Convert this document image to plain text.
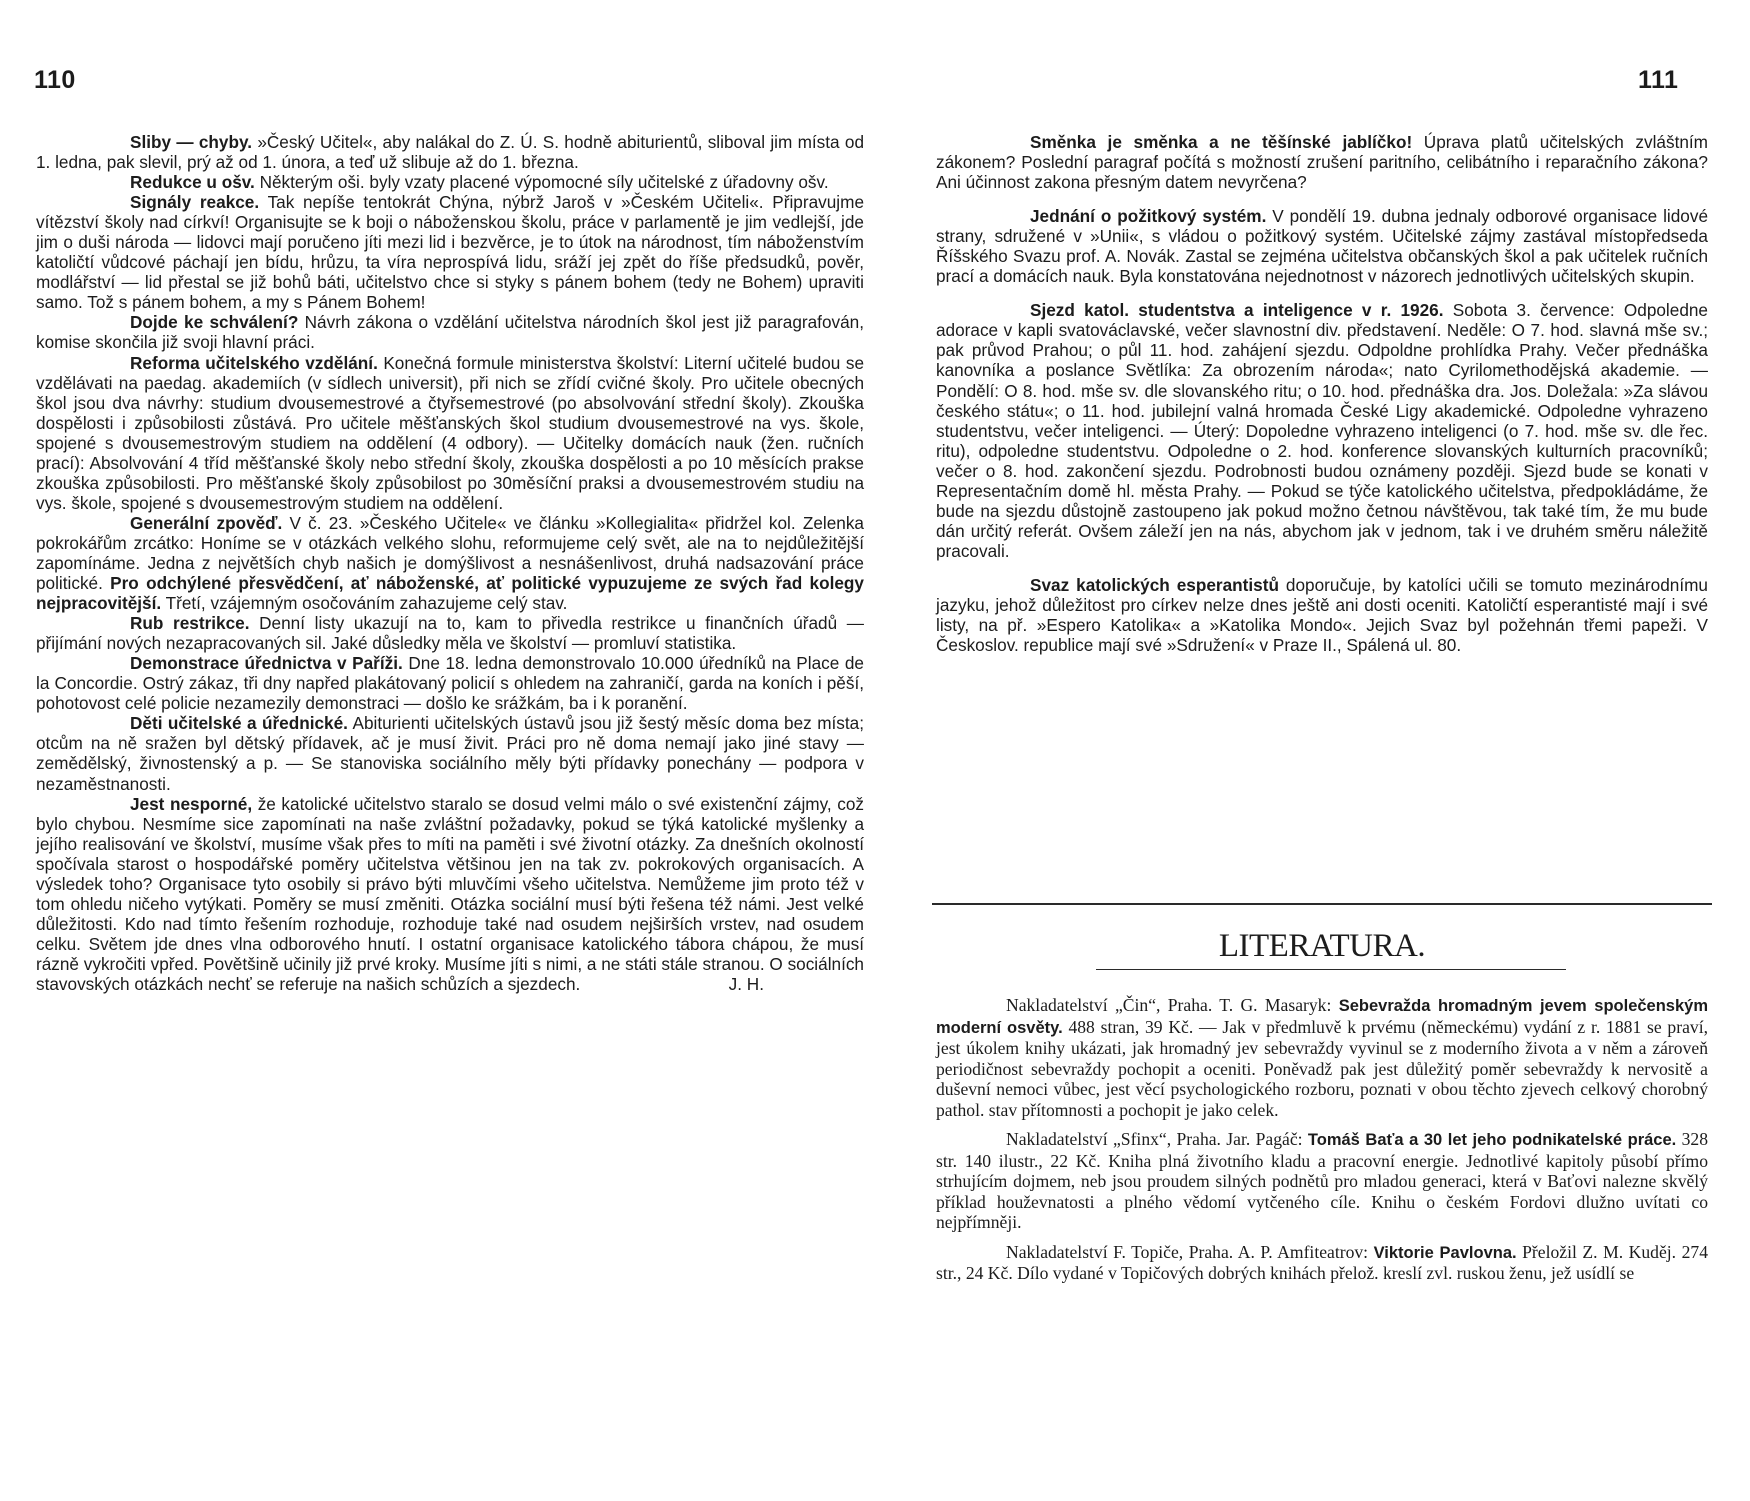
110	111

Sliby — chyby. »Český Učitel«, aby nalákal do Z. Ú. S. hodně abiturientů, sliboval jim místa od 1. ledna, pak slevil, prý až od 1. února, a teď už slibuje až do 1. března.

Redukce u ošv. Některým oši. byly vzaty placené výpomocné síly učitelské z úřadovny ošv.

Signály reakce. Tak nepíše tentokrát Chýna, nýbrž Jaroš v »Českém Učiteli«. Připravujme vítězství školy nad církví! Organisujte se k boji o náboženskou školu, práce v parlamentě je jim vedlejší, jde jim o duši národa — lidovci mají poručeno jíti mezi lid i bezvěrce, je to útok na národnost, tím náboženstvím katoličtí vůdcové páchají jen bídu, hrůzu, ta víra neprospívá lidu, sráží jej zpět do říše předsudků, pověr, modlářství — lid přestal se již bohů báti, učitelstvo chce si styky s pánem bohem (tedy ne Bohem) upraviti samo. Tož s pánem bohem, a my s Pánem Bohem!

Dojde ke schválení? Návrh zákona o vzdělání učitelstva národních škol jest již paragrafován, komise skončila již svoji hlavní práci.

Reforma učitelského vzdělání. Konečná formule ministerstva školství: Literní učitelé budou se vzdělávati na paedag. akademiích (v sídlech universit), při nich se zřídí cvičné školy. Pro učitele obecných škol jsou dva návrhy: studium dvousemestrové a čtyřsemestrové (po absolvování střední školy). Zkouška dospělosti i způsobilosti zůstává. Pro učitele měšťanských škol studium dvousemestrové na vys. škole, spojené s dvousemestrovým studiem na oddělení (4 odbory). — Učitelky domácích nauk (žen. ručních prací): Absolvování 4 tříd měšťanské školy nebo střední školy, zkouška dospělosti a po 10 měsících prakse zkouška způsobilosti. Pro měšťanské školy způsobilost po 30měsíční praksi a dvousemestrovém studiu na vys. škole, spojené s dvousemestrovým studiem na oddělení.

Generální zpověď. V č. 23. »Českého Učitele« ve článku »Kollegialita« přidržel kol. Zelenka pokrokářům zrcátko: Honíme se v otázkách velkého slohu, reformujeme celý svět, ale na to nejdůležitější zapomínáme. Jedna z největších chyb našich je domýšlivost a nesnášenlivost, druhá nadsazování práce politické. Pro odchýlené přesvědčení, ať náboženské, ať politické vypuzujeme ze svých řad kolegy nejpracovitější. Třetí, vzájemným osočováním zahazujeme celý stav.

Rub restrikce. Denní listy ukazují na to, kam to přivedla restrikce u finančních úřadů — přijímání nových nezapracovaných sil. Jaké důsledky měla ve školství — promluví statistika.

Demonstrace úřednictva v Paříži. Dne 18. ledna demonstrovalo 10.000 úředníků na Place de la Concordie. Ostrý zákaz, tři dny napřed plakátovaný policií s ohledem na zahraničí, garda na koních i pěší, pohotovost celé policie nezamezily demonstraci — došlo ke srážkám, ba i k poranění.

Děti učitelské a úřednické. Abiturienti učitelských ústavů jsou již šestý měsíc doma bez místa; otcům na ně sražen byl dětský přídavek, ač je musí živit. Práci pro ně doma nemají jako jiné stavy — zemědělský, živnostenský a p. — Se stanoviska sociálního měly býti přídavky ponechány — podpora v nezaměstnanosti.

Jest nesporné, že katolické učitelstvo staralo se dosud velmi málo o své existenční zájmy, což bylo chybou. Nesmíme sice zapomínati na naše zvláštní požadavky, pokud se týká katolické myšlenky a jejího realisování ve školství, musíme však přes to míti na paměti i své životní otázky. Za dnešních okolností spočívala starost o hospodářské poměry učitelstva většinou jen na tak zv. pokrokových organisacích. A výsledek toho? Organisace tyto osobily si právo býti mluvčími všeho učitelstva. Nemůžeme jim proto též v tom ohledu ničeho vytýkati. Poměry se musí změniti. Otázka sociální musí býti řešena též námi. Jest velké důležitosti. Kdo nad tímto řešením rozhoduje, rozhoduje také nad osudem nejširších vrstev, nad osudem celku. Světem jde dnes vlna odborového hnutí. I ostatní organisace katolického tábora chápou, že musí rázně vykročiti vpřed. Povětšině učinily již prvé kroky. Musíme jíti s nimi, a ne státi stále stranou. O sociálních stavovských otázkách nechť se referuje na našich schůzích a sjezdech.	J. H.

Směnka je směnka a ne těšínské jablíčko! Úprava platů učitelských zvláštním zákonem? Poslední paragraf počítá s možností zrušení paritního, celibátního i reparačního zákona? Ani účinnost zakona přesným datem nevyrčena?

Jednání o požitkový systém. V pondělí 19. dubna jednaly odborové organisace lidové strany, sdružené v »Unii«, s vládou o požitkový systém. Učitelské zájmy zastával místopředseda Říšského Svazu prof. A. Novák. Zastal se zejména učitelstva občanských škol a pak učitelek ručních prací a domácích nauk. Byla konstatována nejednotnost v názorech jednotlivých učitelských skupin.

Sjezd katol. studentstva a inteligence v r. 1926. Sobota 3. července: Odpoledne adorace v kapli svatováclavské, večer slavnostní div. představení. Neděle: O 7. hod. slavná mše sv.; pak průvod Prahou; o půl 11. hod. zahájení sjezdu. Odpoldne prohlídka Prahy. Večer přednáška kanovníka a poslance Světlíka: Za obrozením národa«; nato Cyrilomethodějská akademie. — Pondělí: O 8. hod. mše sv. dle slovanského ritu; o 10. hod. přednáška dra. Jos. Doležala: »Za slávou českého státu«; o 11. hod. jubilejní valná hromada České Ligy akademické. Odpoledne vyhrazeno studentstvu, večer inteligenci. — Úterý: Dopoledne vyhrazeno inteligenci (o 7. hod. mše sv. dle řec. ritu), odpoledne studentstvu. Odpoledne o 2. hod. konference slovanských kulturních pracovníků; večer o 8. hod. zakončení sjezdu. Podrobnosti budou oznámeny později. Sjezd bude se konati v Representačním domě hl. města Prahy. — Pokud se týče katolického učitelstva, předpokládáme, že bude na sjezdu důstojně zastoupeno jak pokud možno četnou návštěvou, tak také tím, že mu bude dán určitý referát. Ovšem záleží jen na nás, abychom jak v jednom, tak i ve druhém směru náležitě pracovali.

Svaz katolických esperantistů doporučuje, by katolíci učili se tomuto mezinárodnímu jazyku, jehož důležitost pro církev nelze dnes ještě ani dosti oceniti. Katoličtí esperantisté mají i své listy, na př. »Espero Katolika« a »Katolika Mondo«. Jejich Svaz byl požehnán třemi papeži. V Českoslov. republice mají své »Sdružení« v Praze II., Spálená ul. 80.

LITERATURA.

Nakladatelství „Čin“, Praha. T. G. Masaryk: Sebevražda hromadným jevem společenským moderní osvěty. 488 stran, 39 Kč. — Jak v předmluvě k prvému (německému) vydání z r. 1881 se praví, jest úkolem knihy ukázati, jak hromadný jev sebevraždy vyvinul se z moderního života a v něm a zároveň periodičnost sebevraždy pochopit a oceniti. Poněvadž pak jest důležitý poměr sebevraždy k nervositě a duševní nemoci vůbec, jest věcí psychologického rozboru, poznati v obou těchto zjevech celkový chorobný pathol. stav přítomnosti a pochopit je jako celek.

Nakladatelství „Sfinx“, Praha. Jar. Pagáč: Tomáš Baťa a 30 let jeho podnikatelské práce. 328 str. 140 ilustr., 22 Kč. Kniha plná životního kladu a pracovní energie. Jednotlivé kapitoly působí přímo strhujícím dojmem, neb jsou proudem silných podnětů pro mladou generaci, která v Baťovi nalezne skvělý příklad houževnatosti a plného vědomí vytčeného cíle. Knihu o českém Fordovi dlužno uvítati co nejpřímněji.

Nakladatelství F. Topiče, Praha. A. P. Amfiteatrov: Viktorie Pavlovna. Přeložil Z. M. Kuděj. 274 str., 24 Kč. Dílo vydané v Topičových dobrých knihách přelož. kreslí zvl. ruskou ženu, jež usídlí se
